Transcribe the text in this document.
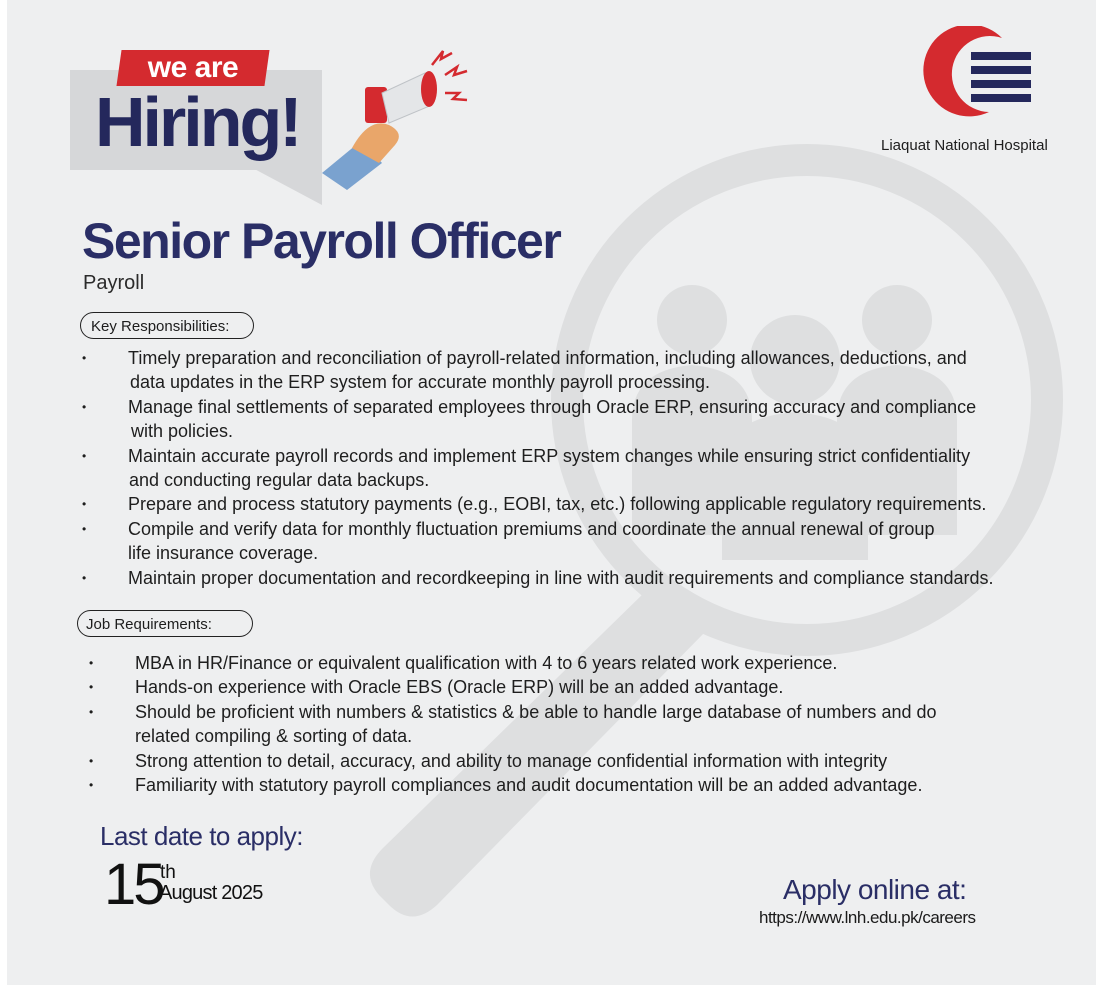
we are
Hiring!	Liaquat National Hospital
Senior Payroll Officer
Payroll
Key Responsibilities:
• Timely preparation and reconciliation of payroll-related information, including allowances, deductions, and
data updates in the ERP system for accurate monthly payroll processing.
• Manage final settlements of separated employees through Oracle ERP, ensuring accuracy and compliance
with policies.
• Maintain accurate payroll records and implement ERP system changes while ensuring strict confidentiality
and conducting regular data backups.
• Prepare and process statutory payments (e.g., EOBI, tax, etc.) following applicable regulatory requirements.
• Compile and verify data for monthly fluctuation premiums and coordinate the annual renewal of group
life insurance coverage.
• Maintain proper documentation and recordkeeping in line with audit requirements and compliance standards.
Job Requirements:
• MBA in HR/Finance or equivalent qualification with 4 to 6 years related work experience.
• Hands-on experience with Oracle EBS (Oracle ERP) will be an added advantage.
• Should be proficient with numbers & statistics & be able to handle large database of numbers and do
related compiling & sorting of data.
• Strong attention to detail, accuracy, and ability to manage confidential information with integrity
• Familiarity with statutory payroll compliances and audit documentation will be an added advantage.
Last date to apply:
15
th
August 2025	Apply online at:
https://www.lnh.edu.pk/careers
